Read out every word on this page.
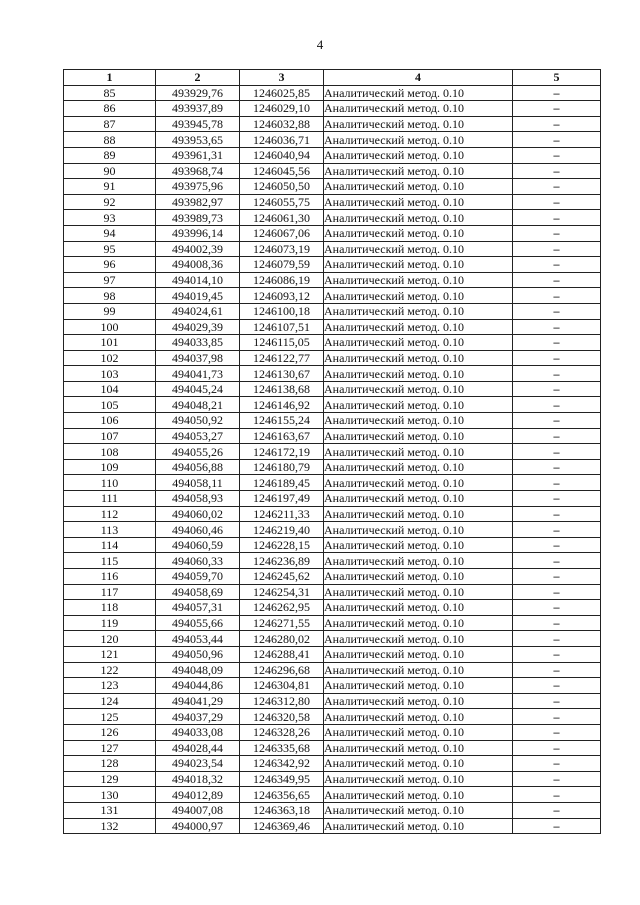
4
1	2	3	4	5
85	493929,76	1246025,85	Аналитический метод. 0.10	–
86	493937,89	1246029,10	Аналитический метод. 0.10	–
87	493945,78	1246032,88	Аналитический метод. 0.10	–
88	493953,65	1246036,71	Аналитический метод. 0.10	–
89	493961,31	1246040,94	Аналитический метод. 0.10	–
90	493968,74	1246045,56	Аналитический метод. 0.10	–
91	493975,96	1246050,50	Аналитический метод. 0.10	–
92	493982,97	1246055,75	Аналитический метод. 0.10	–
93	493989,73	1246061,30	Аналитический метод. 0.10	–
94	493996,14	1246067,06	Аналитический метод. 0.10	–
95	494002,39	1246073,19	Аналитический метод. 0.10	–
96	494008,36	1246079,59	Аналитический метод. 0.10	–
97	494014,10	1246086,19	Аналитический метод. 0.10	–
98	494019,45	1246093,12	Аналитический метод. 0.10	–
99	494024,61	1246100,18	Аналитический метод. 0.10	–
100	494029,39	1246107,51	Аналитический метод. 0.10	–
101	494033,85	1246115,05	Аналитический метод. 0.10	–
102	494037,98	1246122,77	Аналитический метод. 0.10	–
103	494041,73	1246130,67	Аналитический метод. 0.10	–
104	494045,24	1246138,68	Аналитический метод. 0.10	–
105	494048,21	1246146,92	Аналитический метод. 0.10	–
106	494050,92	1246155,24	Аналитический метод. 0.10	–
107	494053,27	1246163,67	Аналитический метод. 0.10	–
108	494055,26	1246172,19	Аналитический метод. 0.10	–
109	494056,88	1246180,79	Аналитический метод. 0.10	–
110	494058,11	1246189,45	Аналитический метод. 0.10	–
111	494058,93	1246197,49	Аналитический метод. 0.10	–
112	494060,02	1246211,33	Аналитический метод. 0.10	–
113	494060,46	1246219,40	Аналитический метод. 0.10	–
114	494060,59	1246228,15	Аналитический метод. 0.10	–
115	494060,33	1246236,89	Аналитический метод. 0.10	–
116	494059,70	1246245,62	Аналитический метод. 0.10	–
117	494058,69	1246254,31	Аналитический метод. 0.10	–
118	494057,31	1246262,95	Аналитический метод. 0.10	–
119	494055,66	1246271,55	Аналитический метод. 0.10	–
120	494053,44	1246280,02	Аналитический метод. 0.10	–
121	494050,96	1246288,41	Аналитический метод. 0.10	–
122	494048,09	1246296,68	Аналитический метод. 0.10	–
123	494044,86	1246304,81	Аналитический метод. 0.10	–
124	494041,29	1246312,80	Аналитический метод. 0.10	–
125	494037,29	1246320,58	Аналитический метод. 0.10	–
126	494033,08	1246328,26	Аналитический метод. 0.10	–
127	494028,44	1246335,68	Аналитический метод. 0.10	–
128	494023,54	1246342,92	Аналитический метод. 0.10	–
129	494018,32	1246349,95	Аналитический метод. 0.10	–
130	494012,89	1246356,65	Аналитический метод. 0.10	–
131	494007,08	1246363,18	Аналитический метод. 0.10	–
132	494000,97	1246369,46	Аналитический метод. 0.10	–
